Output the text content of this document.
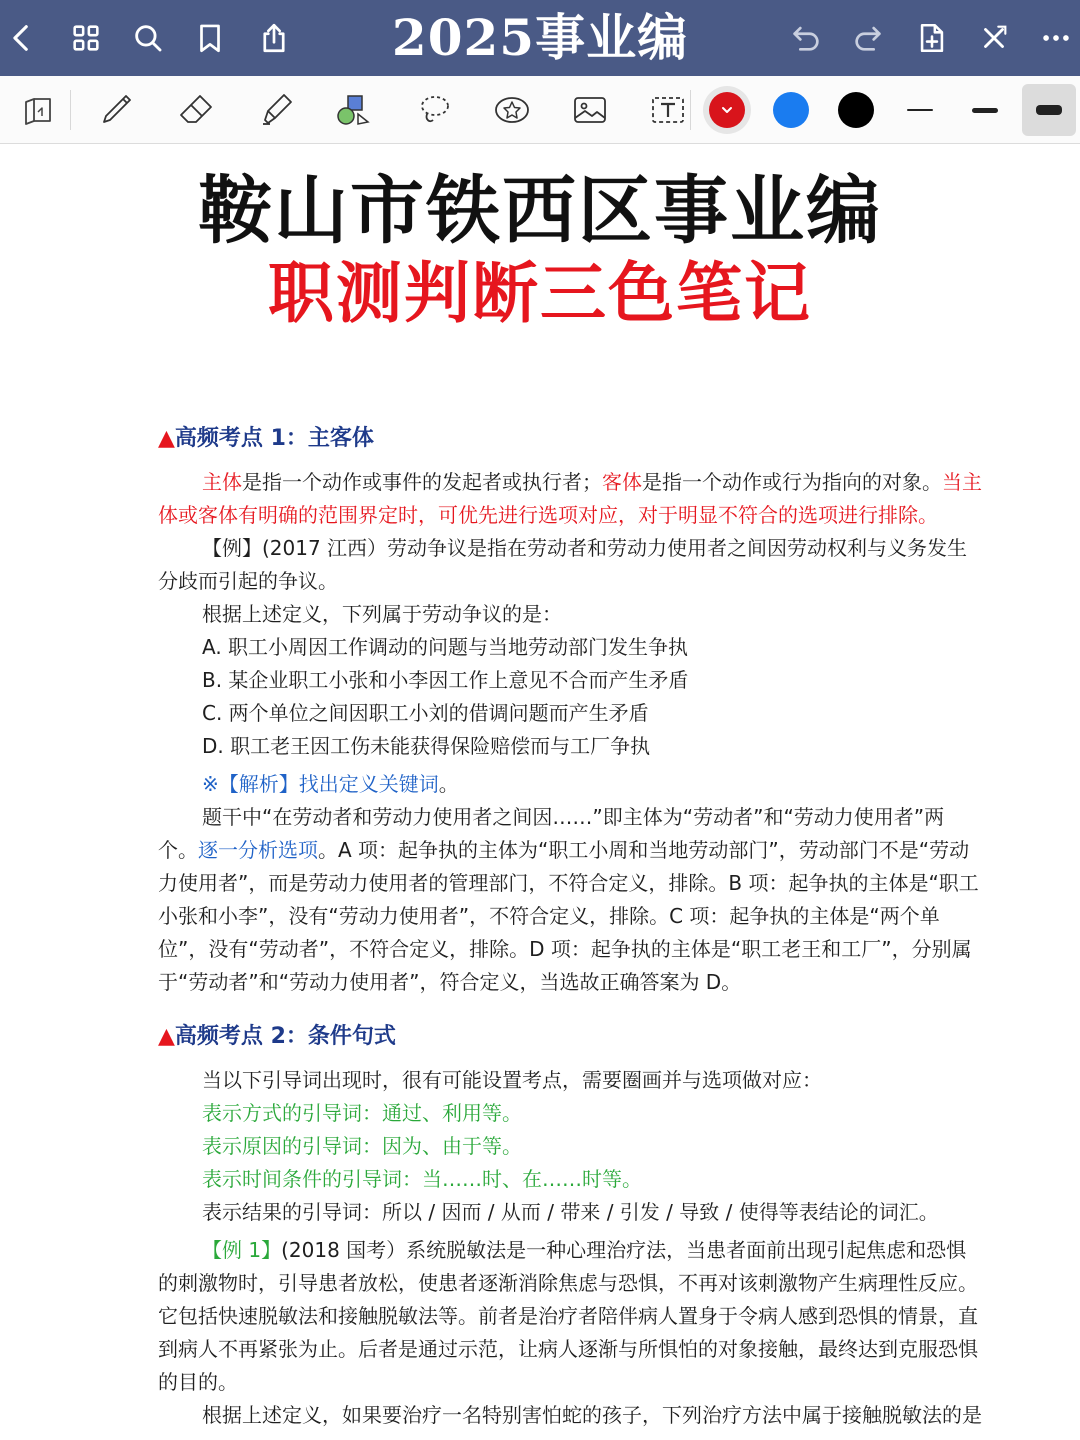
2025事业编
鞍山市铁西区事业编
职测判断三色笔记
▲高频考点 1：主客体
主体是指一个动作或事件的发起者或执行者；客体是指一个动作或行为指向的对象。当主体或客体有明确的范围界定时，可优先进行选项对应，对于明显不符合的选项进行排除。
【例】(2017 江西）劳动争议是指在劳动者和劳动力使用者之间因劳动权利与义务发生分歧而引起的争议。
根据上述定义，下列属于劳动争议的是：
A. 职工小周因工作调动的问题与当地劳动部门发生争执
B. 某企业职工小张和小李因工作上意见不合而产生矛盾
C. 两个单位之间因职工小刘的借调问题而产生矛盾
D. 职工老王因工伤未能获得保险赔偿而与工厂争执
※【解析】找出定义关键词。
题干中“在劳动者和劳动力使用者之间因……”即主体为“劳动者”和“劳动力使用者”两个。逐一分析选项。A 项：起争执的主体为“职工小周和当地劳动部门”，劳动部门不是“劳动力使用者”，而是劳动力使用者的管理部门，不符合定义，排除。B 项：起争执的主体是“职工小张和小李”，没有“劳动力使用者”，不符合定义，排除。C 项：起争执的主体是“两个单位”，没有“劳动者”，不符合定义，排除。D 项：起争执的主体是“职工老王和工厂”，分别属于“劳动者”和“劳动力使用者”，符合定义，当选故正确答案为 D。
▲高频考点 2：条件句式
当以下引导词出现时，很有可能设置考点，需要圈画并与选项做对应：
表示方式的引导词：通过、利用等。
表示原因的引导词：因为、由于等。
表示时间条件的引导词：当……时、在……时等。
表示结果的引导词：所以 / 因而 / 从而 / 带来 / 引发 / 导致 / 使得等表结论的词汇。
【例 1】(2018 国考）系统脱敏法是一种心理治疗法，当患者面前出现引起焦虑和恐惧的刺激物时，引导患者放松，使患者逐渐消除焦虑与恐惧，不再对该刺激物产生病理性反应。它包括快速脱敏法和接触脱敏法等。前者是治疗者陪伴病人置身于令病人感到恐惧的情景，直到病人不再紧张为止。后者是通过示范，让病人逐渐与所惧怕的对象接触，最终达到克服恐惧的目的。
根据上述定义，如果要治疗一名特别害怕蛇的孩子，下列治疗方法中属于接触脱敏法的是
